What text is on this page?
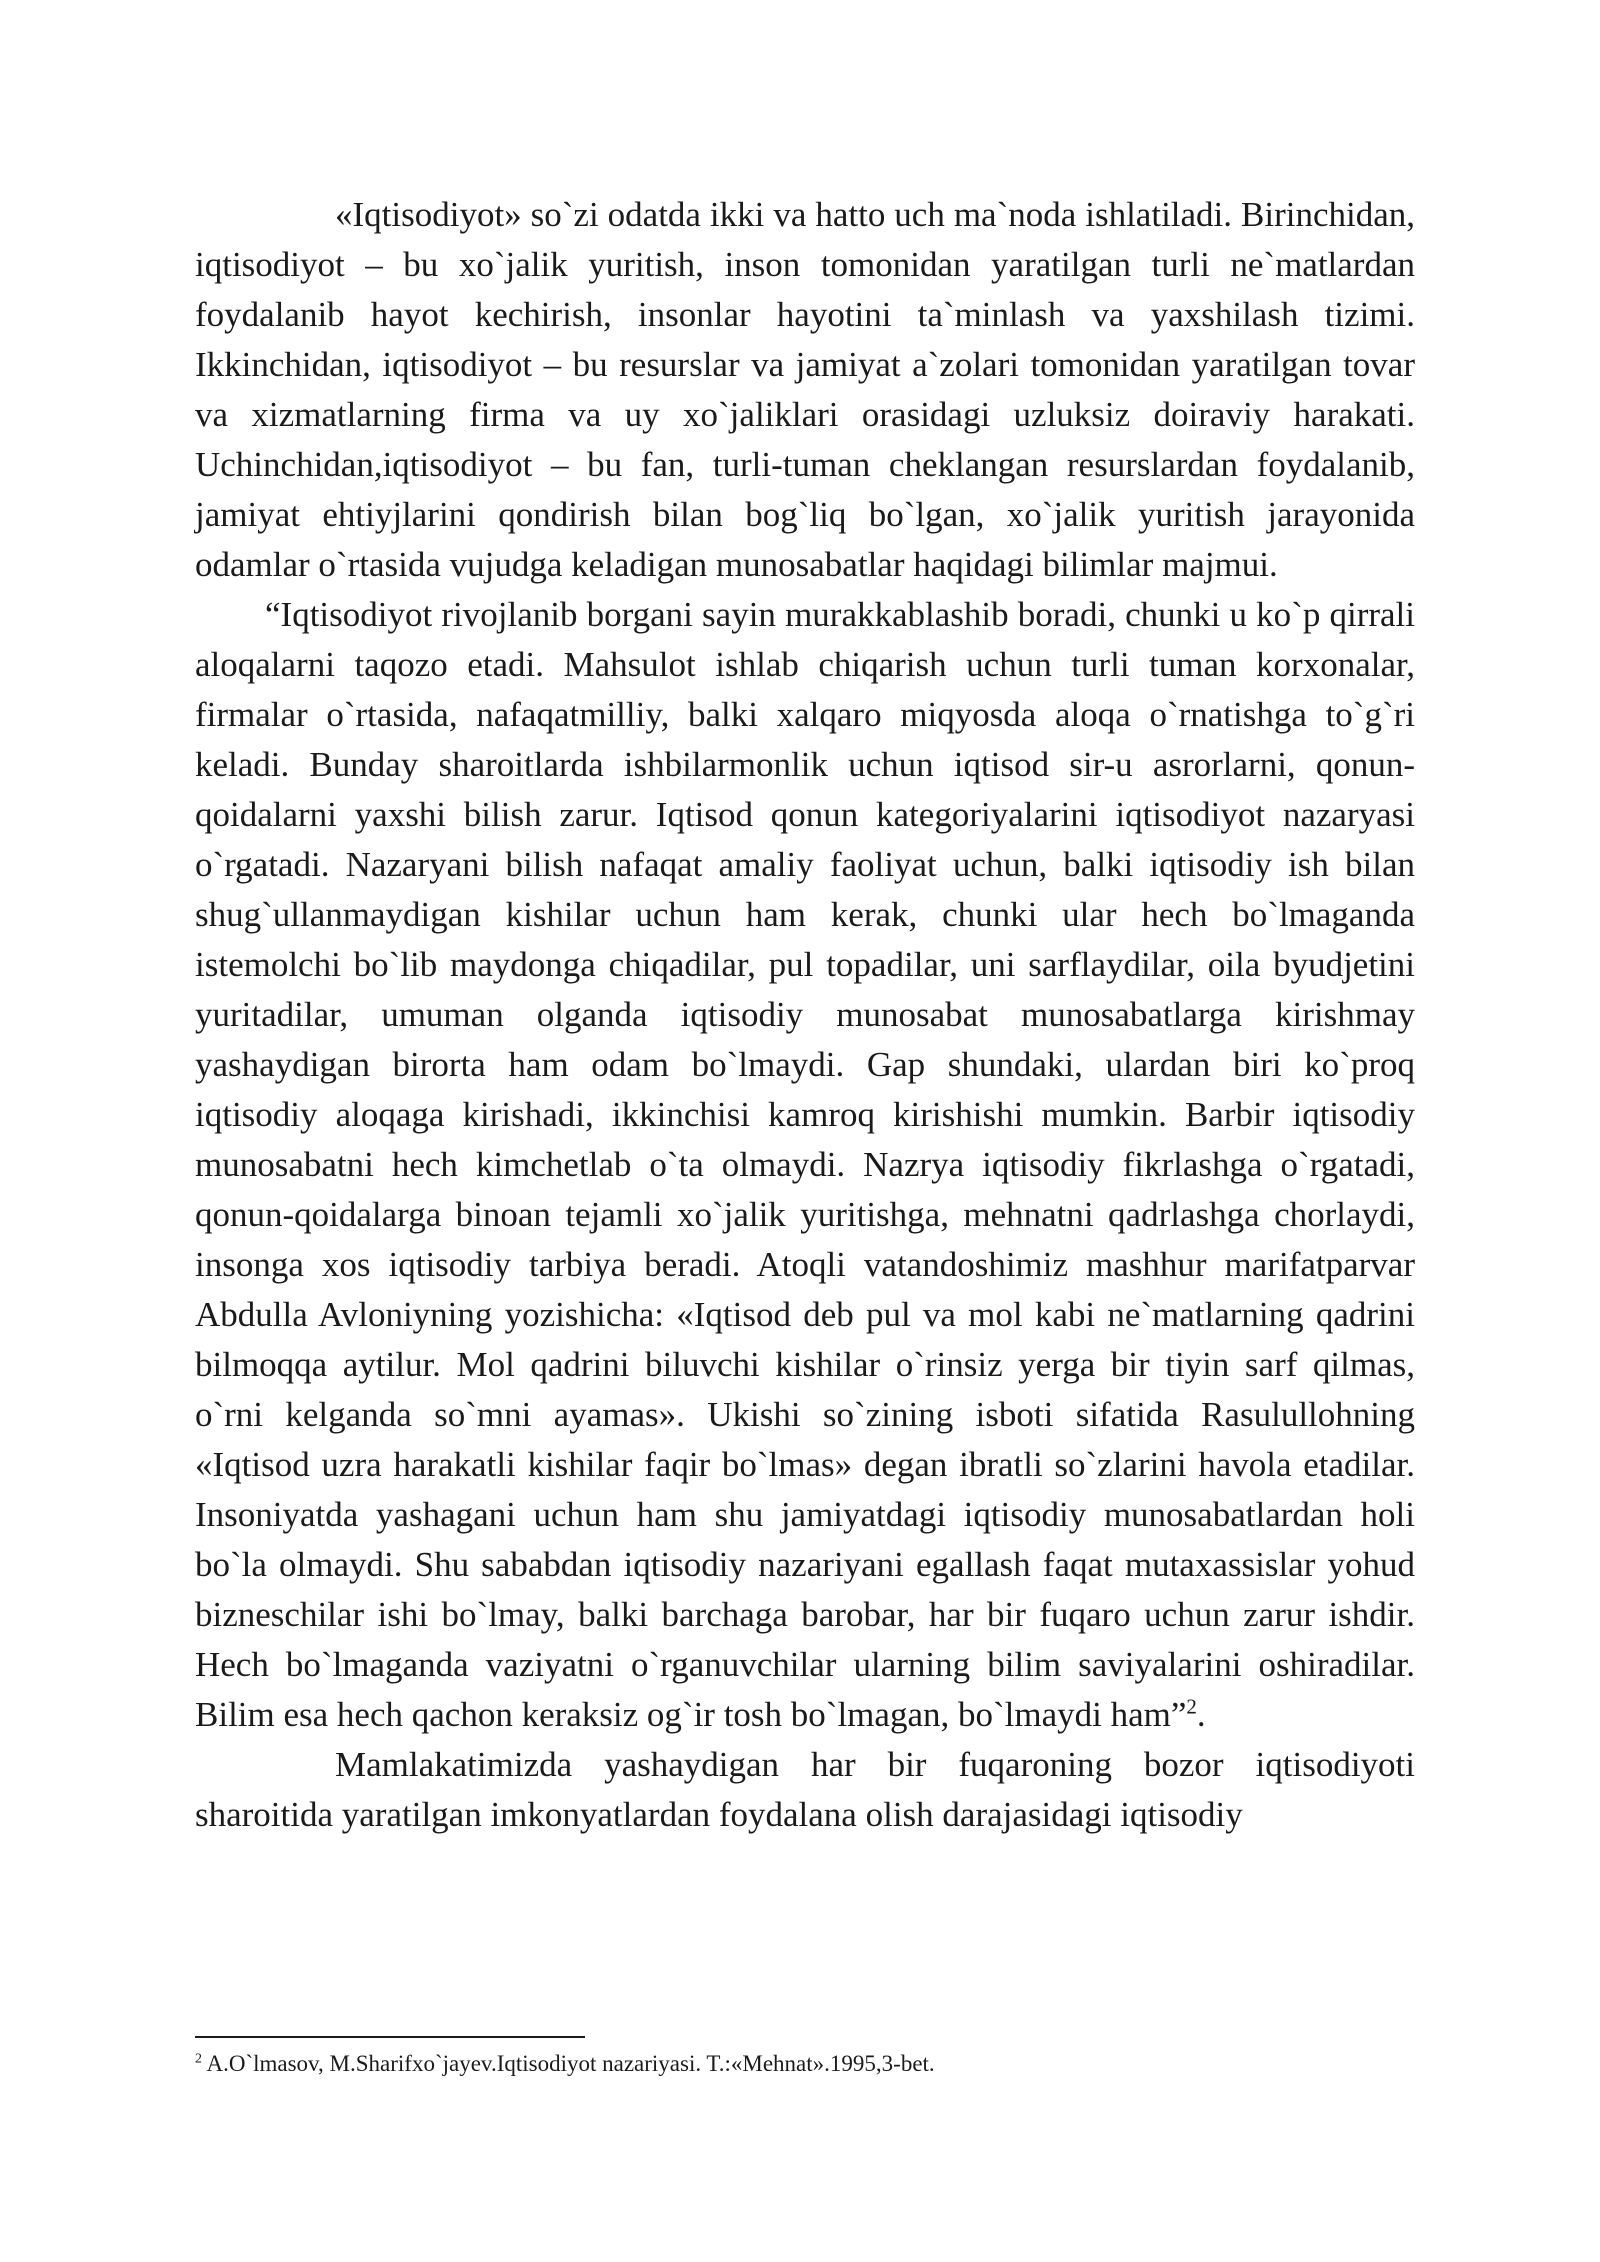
«Iqtisodiyot» so`zi odatda ikki va hatto uch ma`noda ishlatiladi. Birinchidan, iqtisodiyot – bu xo`jalik yuritish, inson tomonidan yaratilgan turli ne`matlardan foydalanib hayot kechirish, insonlar hayotini ta`minlash va yaxshilash tizimi. Ikkinchidan, iqtisodiyot – bu resurslar va jamiyat a`zolari tomonidan yaratilgan tovar va xizmatlarning firma va uy xo`jaliklari orasidagi uzluksiz doiraviy harakati. Uchinchidan,iqtisodiyot – bu fan, turli-tuman cheklangan resurslardan foydalanib, jamiyat ehtiyjlarini qondirish bilan bog`liq bo`lgan, xo`jalik yuritish jarayonida odamlar o`rtasida vujudga keladigan munosabatlar haqidagi bilimlar majmui.

“Iqtisodiyot rivojlanib borgani sayin murakkablashib boradi, chunki u ko`p qirrali aloqalarni taqozo etadi. Mahsulot ishlab chiqarish uchun turli tuman korxonalar, firmalar o`rtasida, nafaqatmilliy, balki xalqaro miqyosda aloqa o`rnatishga to`g`ri keladi. Bunday sharoitlarda ishbilarmonlik uchun iqtisod sir-u asrorlarni, qonun-qoidalarni yaxshi bilish zarur. Iqtisod qonun kategoriyalarini iqtisodiyot nazaryasi o`rgatadi. Nazaryani bilish nafaqat amaliy faoliyat uchun, balki iqtisodiy ish bilan shug`ullanmaydigan kishilar uchun ham kerak, chunki ular hech bo`lmaganda istemolchi bo`lib maydonga chiqadilar, pul topadilar, uni sarflaydilar, oila byudjetini yuritadilar, umuman olganda iqtisodiy munosabat munosabatlarga kirishmay yashaydigan birorta ham odam bo`lmaydi. Gap shundaki, ulardan biri ko`proq iqtisodiy aloqaga kirishadi, ikkinchisi kamroq kirishishi mumkin. Barbir iqtisodiy munosabatni hech kimchetlab o`ta olmaydi. Nazrya iqtisodiy fikrlashga o`rgatadi, qonun-qoidalarga binoan tejamli xo`jalik yuritishga, mehnatni qadrlashga chorlaydi, insonga xos iqtisodiy tarbiya beradi. Atoqli vatandoshimiz mashhur marifatparvar Abdulla Avloniyning yozishicha: «Iqtisod deb pul va mol kabi ne`matlarning qadrini bilmoqqa aytilur. Mol qadrini biluvchi kishilar o`rinsiz yerga bir tiyin sarf qilmas, o`rni kelganda so`mni ayamas». Ukishi so`zining isboti sifatida Rasulullohning «Iqtisod uzra harakatli kishilar faqir bo`lmas» degan ibratli so`zlarini havola etadilar. Insoniyatda yashagani uchun ham shu jamiyatdagi iqtisodiy munosabatlardan holi bo`la olmaydi. Shu sababdan iqtisodiy nazariyani egallash faqat mutaxassislar yohud bizneschilar ishi bo`lmay, balki barchaga barobar, har bir fuqaro uchun zarur ishdir. Hech bo`lmaganda vaziyatni o`rganuvchilar ularning bilim saviyalarini oshiradilar. Bilim esa hech qachon keraksiz og`ir tosh bo`lmagan, bo`lmaydi ham”$^2$.

Mamlakatimizda yashaydigan har bir fuqaroning bozor iqtisodiyoti sharoitida yaratilgan imkonyatlardan foydalana olish darajasidagi iqtisodiy

$^2$ A.O`lmasov, M.Sharifxo`jayev.Iqtisodiyot nazariyasi. T.:«Mehnat».1995,3-bet.
